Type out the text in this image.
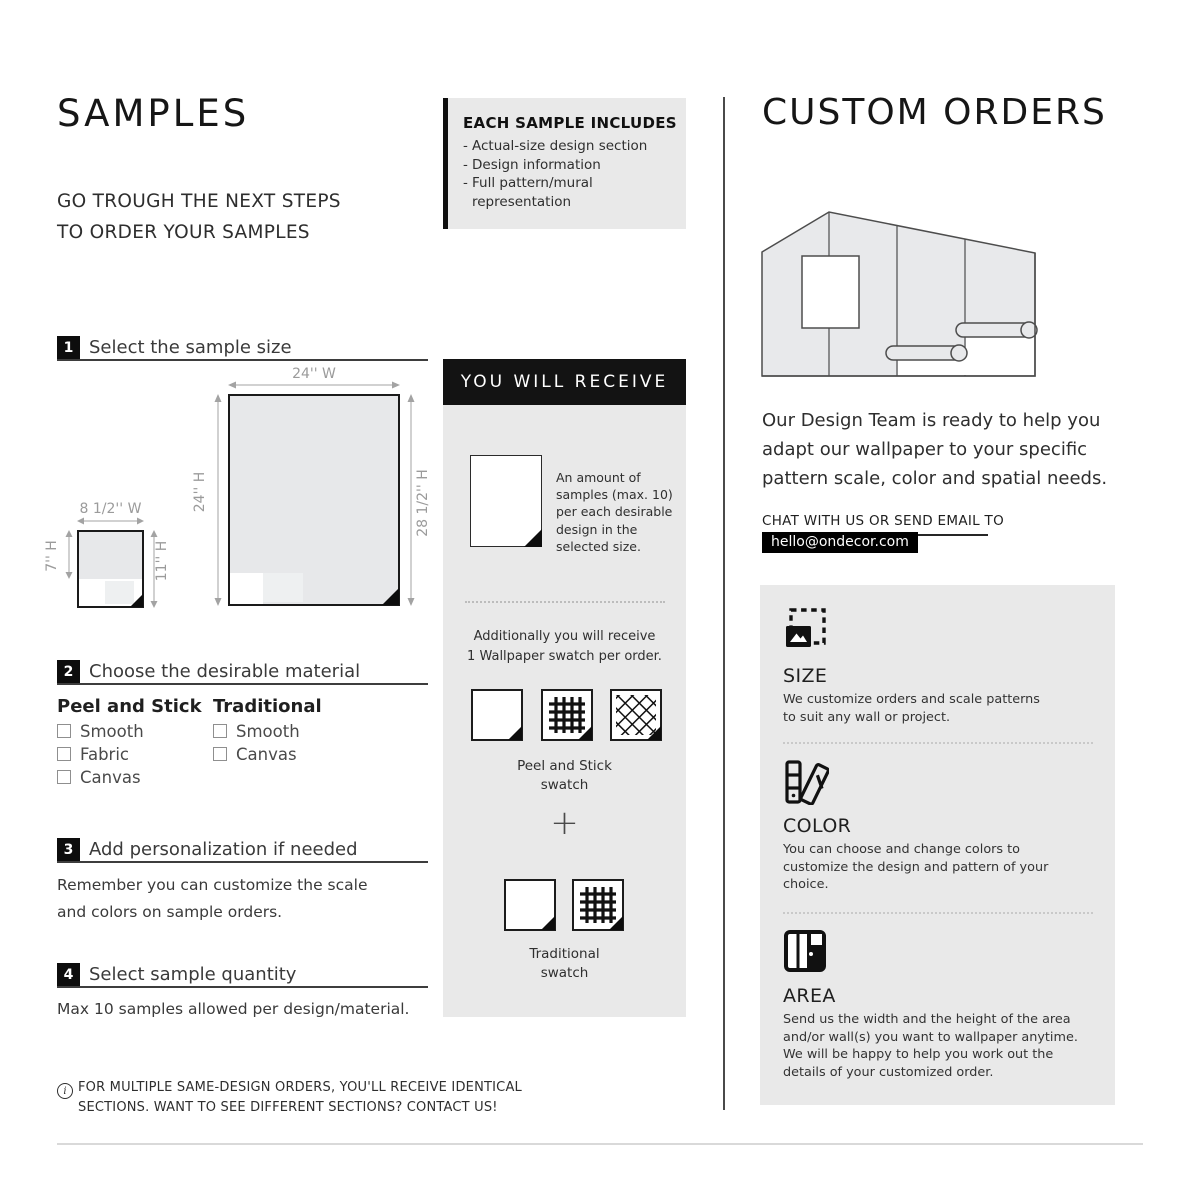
SAMPLES
GO TROUGH THE NEXT STEPS
TO ORDER YOUR SAMPLES
1 Select the sample size
24'' W
24'' H	28 1/2'' H
8 1/2'' W
7'' H	11'' H
2 Choose the desirable material
Peel and Stick Traditional
Smooth
Fabric
Canvas
Smooth
Canvas
3 Add personalization if needed
Remember you can customize the scale
and colors on sample orders.
4 Select sample quantity
Max 10 samples allowed per design/material.
i FOR MULTIPLE SAME-DESIGN ORDERS, YOU'LL RECEIVE IDENTICAL
SECTIONS. WANT TO SEE DIFFERENT SECTIONS? CONTACT US!
EACH SAMPLE INCLUDES
- Actual-size design section
- Design information
- Full pattern/mural representation
YOU WILL RECEIVE
An amount of
samples (max. 10)
per each desirable
design in the
selected size.
Additionally you will receive
1 Wallpaper swatch per order.
Peel and Stick
swatch
+
Traditional
swatch
CUSTOM ORDERS
Our Design Team is ready to help you
adapt our wallpaper to your specific
pattern scale, color and spatial needs.
CHAT WITH US OR SEND EMAIL TO
hello@ondecor.com
SIZE
We customize orders and scale patterns
to suit any wall or project.
COLOR
You can choose and change colors to
customize the design and pattern of your
choice.
AREA
Send us the width and the height of the area
and/or wall(s) you want to wallpaper anytime.
We will be happy to help you work out the
details of your customized order.
